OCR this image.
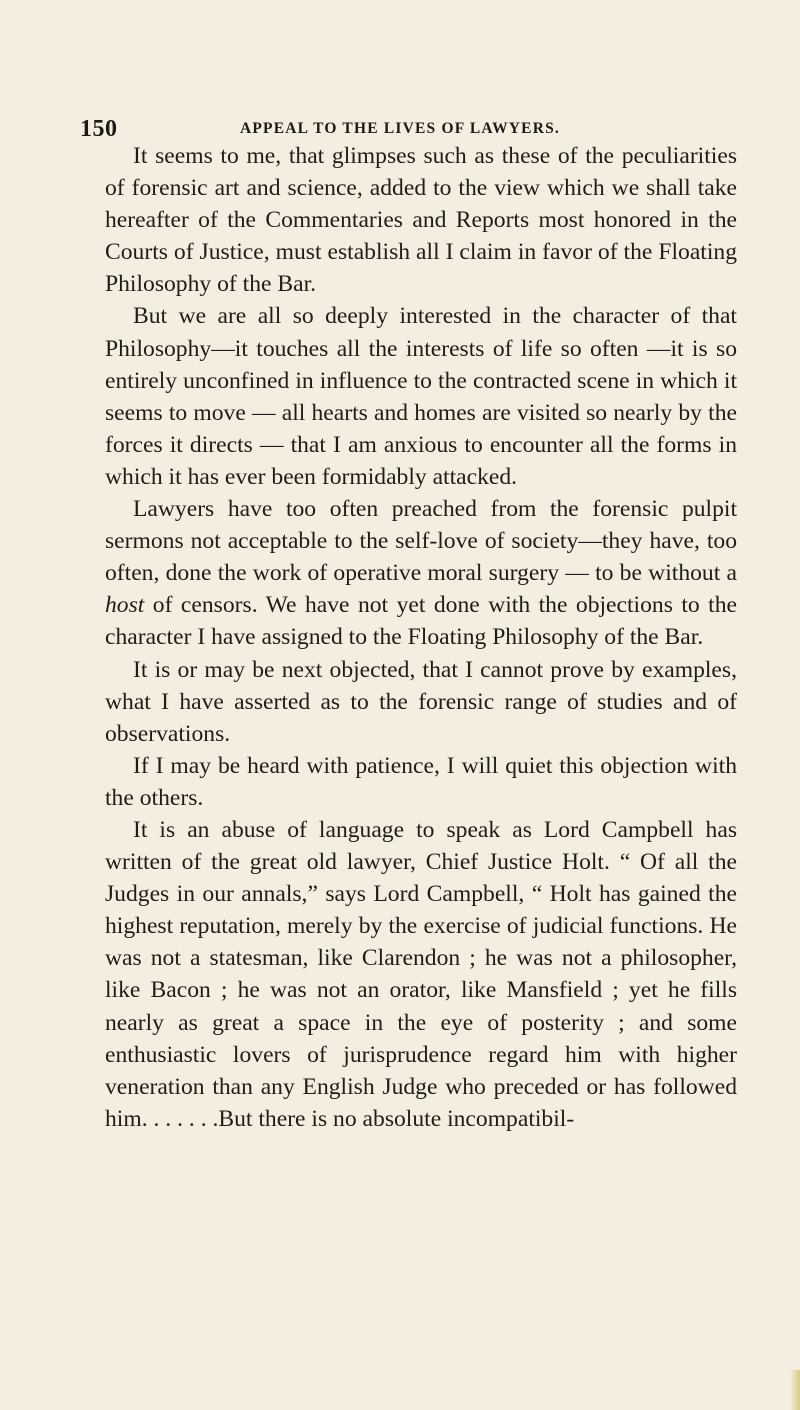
150	APPEAL TO THE LIVES OF LAWYERS.

It seems to me, that glimpses such as these of the peculiarities of forensic art and science, added to the view which we shall take hereafter of the Commentaries and Reports most honored in the Courts of Justice, must establish all I claim in favor of the Floating Philosophy of the Bar.

But we are all so deeply interested in the character of that Philosophy—it touches all the interests of life so often —it is so entirely unconfined in influence to the contracted scene in which it seems to move — all hearts and homes are visited so nearly by the forces it directs — that I am anxious to encounter all the forms in which it has ever been formidably attacked.

Lawyers have too often preached from the forensic pulpit sermons not acceptable to the self-love of society—they have, too often, done the work of operative moral surgery — to be without a host of censors. We have not yet done with the objections to the character I have assigned to the Floating Philosophy of the Bar.

It is or may be next objected, that I cannot prove by examples, what I have asserted as to the forensic range of studies and of observations.

If I may be heard with patience, I will quiet this objection with the others.

It is an abuse of language to speak as Lord Campbell has written of the great old lawyer, Chief Justice Holt. “ Of all the Judges in our annals,” says Lord Campbell, “ Holt has gained the highest reputation, merely by the exercise of judicial functions. He was not a statesman, like Clarendon ; he was not a philosopher, like Bacon ; he was not an orator, like Mansfield ; yet he fills nearly as great a space in the eye of posterity ; and some enthusiastic lovers of jurisprudence regard him with higher veneration than any English Judge who preceded or has followed him. . . . . . .But there is no absolute incompatibil-
